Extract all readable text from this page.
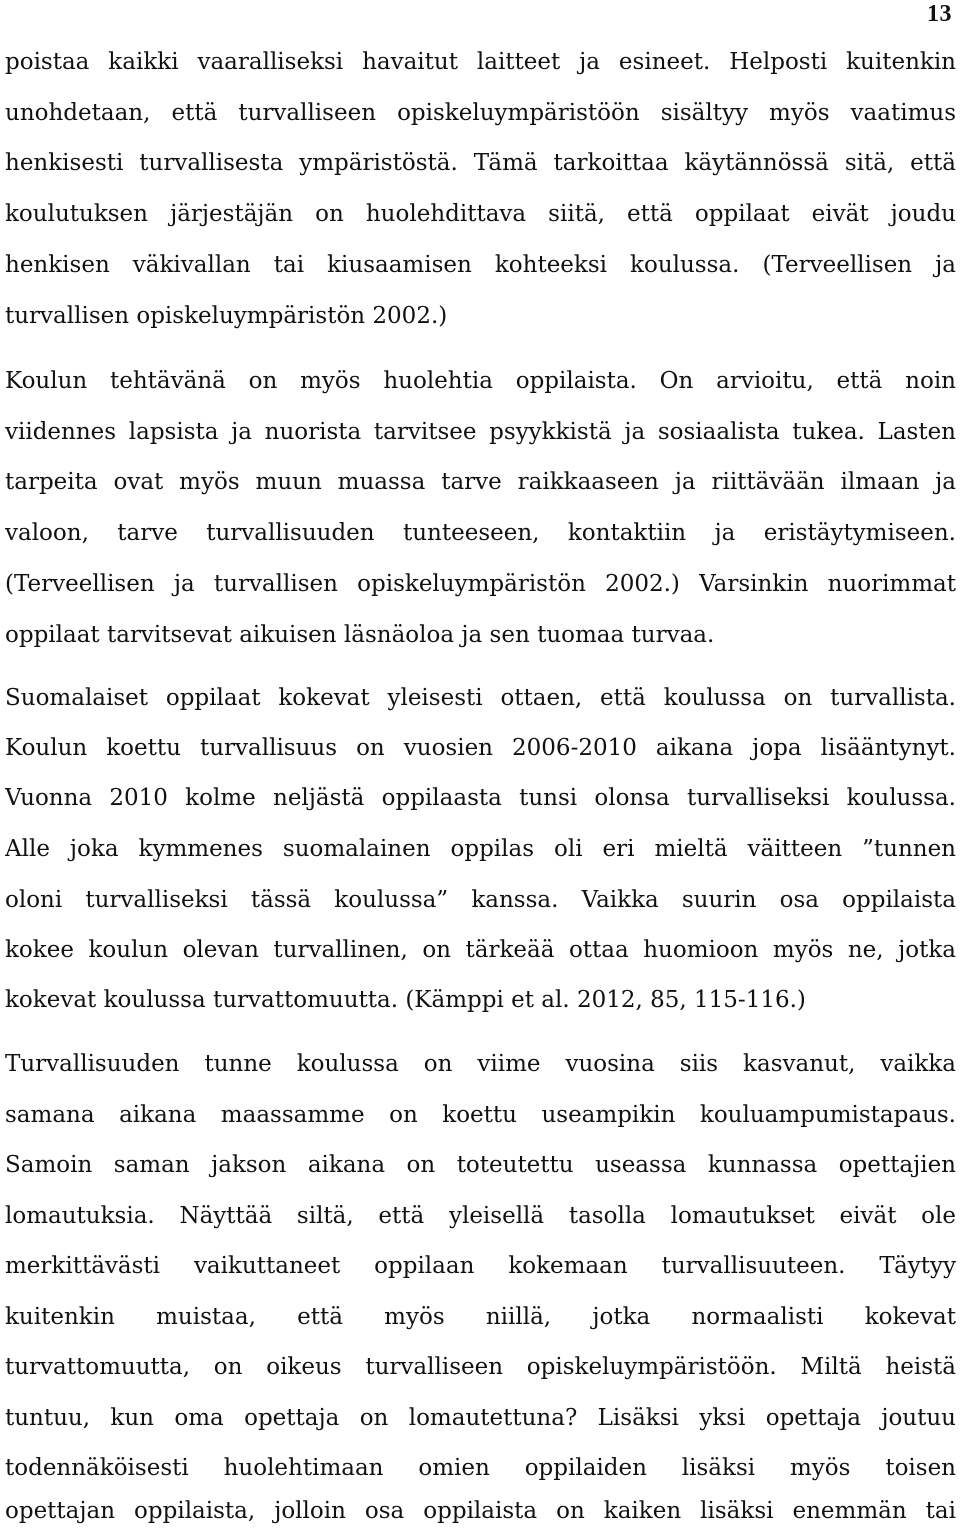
13
poistaa kaikki vaaralliseksi havaitut laitteet ja esineet. Helposti kuitenkin
unohdetaan, että turvalliseen opiskeluympäristöön sisältyy myös vaatimus
henkisesti turvallisesta ympäristöstä. Tämä tarkoittaa käytännössä sitä, että
koulutuksen järjestäjän on huolehdittava siitä, että oppilaat eivät joudu
henkisen väkivallan tai kiusaamisen kohteeksi koulussa. (Terveellisen ja
turvallisen opiskeluympäristön 2002.)
Koulun tehtävänä on myös huolehtia oppilaista. On arvioitu, että noin
viidennes lapsista ja nuorista tarvitsee psyykkistä ja sosiaalista tukea. Lasten
tarpeita ovat myös muun muassa tarve raikkaaseen ja riittävään ilmaan ja
valoon, tarve turvallisuuden tunteeseen, kontaktiin ja eristäytymiseen.
(Terveellisen ja turvallisen opiskeluympäristön 2002.) Varsinkin nuorimmat
oppilaat tarvitsevat aikuisen läsnäoloa ja sen tuomaa turvaa.
Suomalaiset oppilaat kokevat yleisesti ottaen, että koulussa on turvallista.
Koulun koettu turvallisuus on vuosien 2006-2010 aikana jopa lisääntynyt.
Vuonna 2010 kolme neljästä oppilaasta tunsi olonsa turvalliseksi koulussa.
Alle joka kymmenes suomalainen oppilas oli eri mieltä väitteen ”tunnen
oloni turvalliseksi tässä koulussa” kanssa. Vaikka suurin osa oppilaista
kokee koulun olevan turvallinen, on tärkeää ottaa huomioon myös ne, jotka
kokevat koulussa turvattomuutta. (Kämppi et al. 2012, 85, 115-116.)
Turvallisuuden tunne koulussa on viime vuosina siis kasvanut, vaikka
samana aikana maassamme on koettu useampikin kouluampumistapaus.
Samoin saman jakson aikana on toteutettu useassa kunnassa opettajien
lomautuksia. Näyttää siltä, että yleisellä tasolla lomautukset eivät ole
merkittävästi vaikuttaneet oppilaan kokemaan turvallisuuteen. Täytyy
kuitenkin muistaa, että myös niillä, jotka normaalisti kokevat
turvattomuutta, on oikeus turvalliseen opiskeluympäristöön. Miltä heistä
tuntuu, kun oma opettaja on lomautettuna? Lisäksi yksi opettaja joutuu
todennäköisesti huolehtimaan omien oppilaiden lisäksi myös toisen
opettajan oppilaista, jolloin osa oppilaista on kaiken lisäksi enemmän tai
